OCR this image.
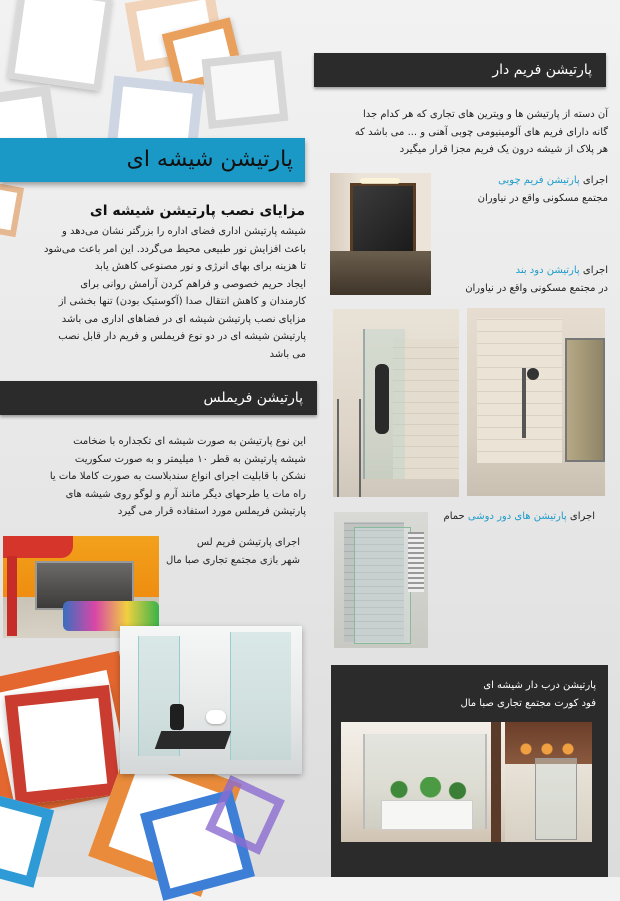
پارتیشن فریم دار
آن دسته از پارتیشن ها و ویترین های تجاری که هر کدام جدا
گانه دارای فریم های آلومینیومی چوبی آهنی و ... می باشد که
هر پلاک از شیشه درون یک فریم مجزا قرار میگیرد
اجرای پارتیشن فریم چوبی
مجتمع مسکونی واقع در نیاوران
اجرای پارتیشن دود بند
در مجتمع مسکونی واقع در نیاوران
اجرای پارتیشن های دور دوشی حمام
پارتیشن شیشه ای
مزایای نصب پارتیشن شیشه ای
شیشه پارتیشن اداری فضای اداره را بزرگتر نشان می‌دهد و
باعث افزایش نور طبیعی محیط می‌گردد. این امر باعث می‌شود
تا هزینه برای بهای انرژی و نور مصنوعی کاهش یابد
ایجاد حریم خصوصی و فراهم کردن آرامش روانی برای
کارمندان و کاهش انتقال صدا (آکوستیک بودن) تنها بخشی از
مزایای نصب پارتیشن شیشه ای در فضاهای اداری می باشد
پارتیشن شیشه ای در دو نوع فریملس و فریم دار قابل نصب
می باشد
پارتیشن فریملس
این نوع پارتیشن به صورت شیشه ای تکجداره با ضخامت
شیشه پارتیشن به قطر ۱۰ میلیمتر و به صورت سکوریت
نشکن با قابلیت اجرای انواع سندبلاست به صورت کاملا مات یا
راه مات یا طرحهای دیگر مانند آرم و لوگو روی شیشه های
پارتیشن فریملس مورد استفاده قرار می گیرد
اجرای پارتیشن فریم لس
شهر بازی مجتمع تجاری صبا مال
پارتیشن درب دار شیشه ای
فود کورت مجتمع تجاری صبا مال
